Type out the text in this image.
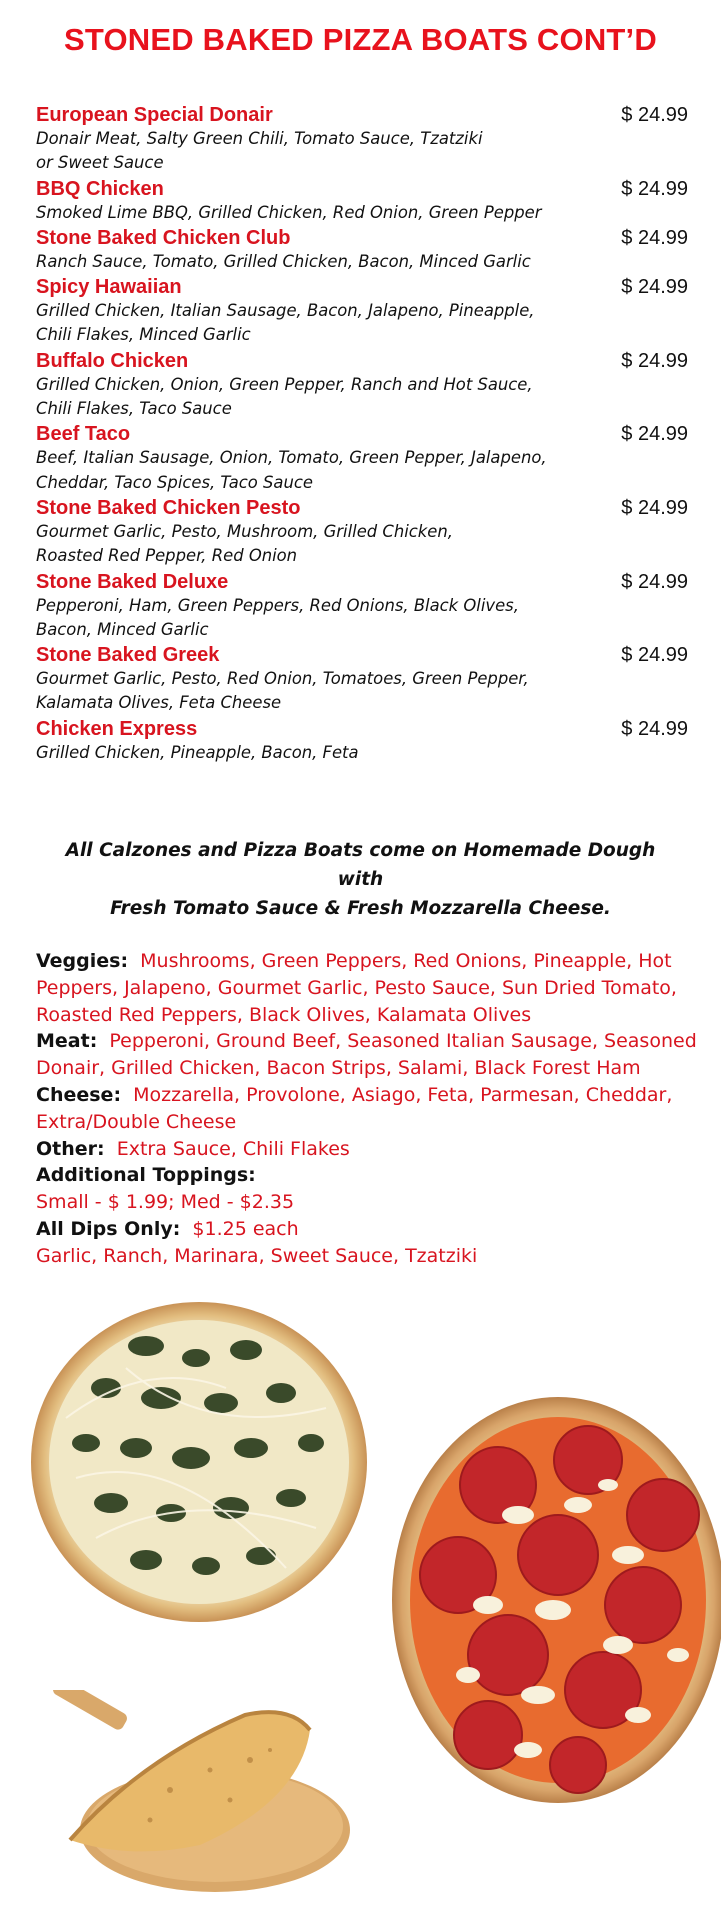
STONED BAKED PIZZA BOATS CONT’D
European Special Donair	$ 24.99
Donair Meat, Salty Green Chili, Tomato Sauce, Tzatziki
or Sweet Sauce
BBQ Chicken	$ 24.99
Smoked Lime BBQ, Grilled Chicken, Red Onion, Green Pepper
Stone Baked Chicken Club	$ 24.99
Ranch Sauce, Tomato, Grilled Chicken, Bacon, Minced Garlic
Spicy Hawaiian	$ 24.99
Grilled Chicken, Italian Sausage, Bacon, Jalapeno, Pineapple,
Chili Flakes, Minced Garlic
Buffalo Chicken	$ 24.99
Grilled Chicken, Onion, Green Pepper, Ranch and Hot Sauce,
Chili Flakes, Taco Sauce
Beef Taco	$ 24.99
Beef, Italian Sausage, Onion, Tomato, Green Pepper, Jalapeno,
Cheddar, Taco Spices, Taco Sauce
Stone Baked Chicken Pesto	$ 24.99
Gourmet Garlic, Pesto, Mushroom, Grilled Chicken,
Roasted Red Pepper, Red Onion
Stone Baked Deluxe	$ 24.99
Pepperoni, Ham, Green Peppers, Red Onions, Black Olives,
Bacon, Minced Garlic
Stone Baked Greek	$ 24.99
Gourmet Garlic, Pesto, Red Onion, Tomatoes, Green Pepper,
Kalamata Olives, Feta Cheese
Chicken Express	$ 24.99
Grilled Chicken, Pineapple, Bacon, Feta
All Calzones and Pizza Boats come on Homemade Dough with
Fresh Tomato Sauce & Fresh Mozzarella Cheese.
Veggies: Mushrooms, Green Peppers, Red Onions, Pineapple, Hot Peppers, Jalapeno, Gourmet Garlic, Pesto Sauce, Sun Dried Tomato, Roasted Red Peppers, Black Olives, Kalamata Olives
Meat: Pepperoni, Ground Beef, Seasoned Italian Sausage, Seasoned Donair, Grilled Chicken, Bacon Strips, Salami, Black Forest Ham
Cheese: Mozzarella, Provolone, Asiago, Feta, Parmesan, Cheddar, Extra/Double Cheese
Other: Extra Sauce, Chili Flakes
Additional Toppings:
Small - $ 1.99; Med - $2.35
All Dips Only: $1.25 each
Garlic, Ranch, Marinara, Sweet Sauce, Tzatziki
